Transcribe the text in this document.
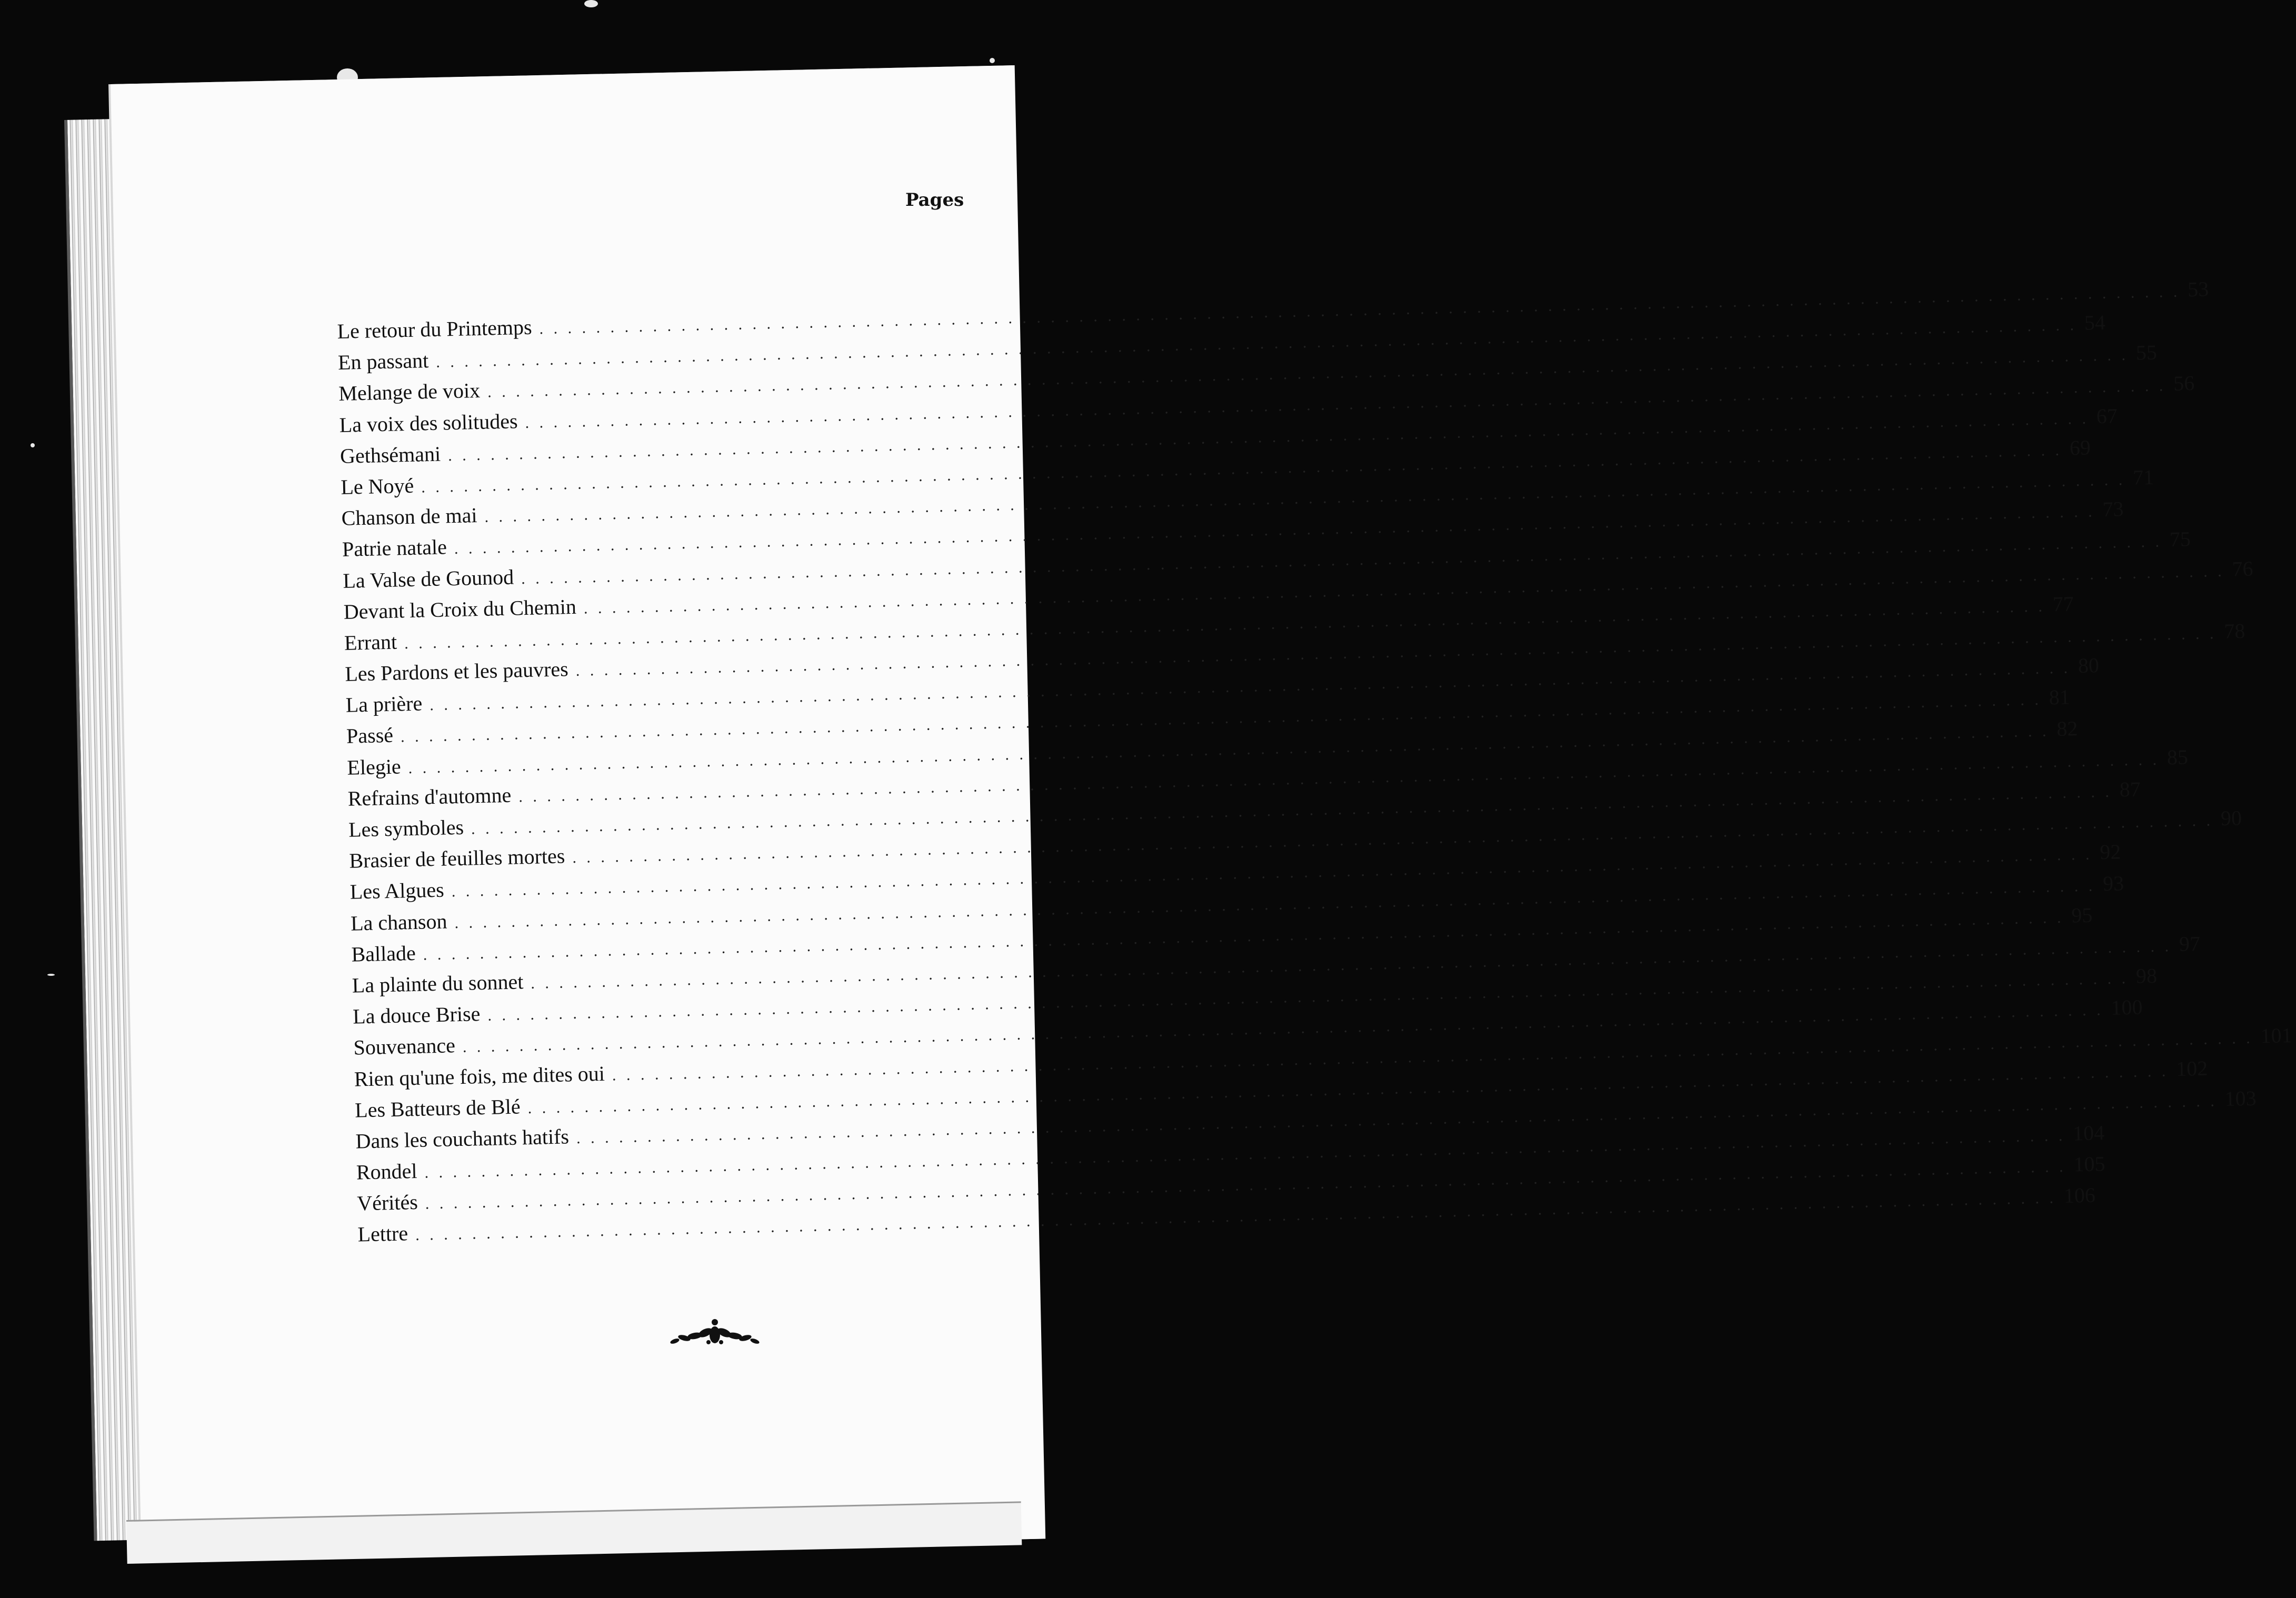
Pages
Le retour du Printemps
. . .
53
En passant
. . .
54
Melange de voix
. . .
55
La voix des solitudes
. . .
56
Gethsémani
. . .
67
Le Noyé
. . .
69
Chanson de mai
. . .
71
Patrie natale
. . .
73
La Valse de Gounod
. . .
75
Devant la Croix du Chemin
. . .
76
Errant
. . .
77
Les Pardons et les pauvres
. . .
78
La prière
. . .
80
Passé
. . .
81
Elegie
. . .
82
Refrains d'automne
. . .
85
Les symboles
. . .
87
Brasier de feuilles mortes
. . .
90
Les Algues
. . .
92
La chanson
. . .
93
Ballade
. . .
95
La plainte du sonnet
. . .
97
La douce Brise
. . .
98
Souvenance
. . .
100
Rien qu'une fois, me dites oui
. . .
101
Les Batteurs de Blé
. . .
102
Dans les couchants hatifs
. . .
103
Rondel
. . .
104
Vérités
. . .
105
Lettre
. . .
106
